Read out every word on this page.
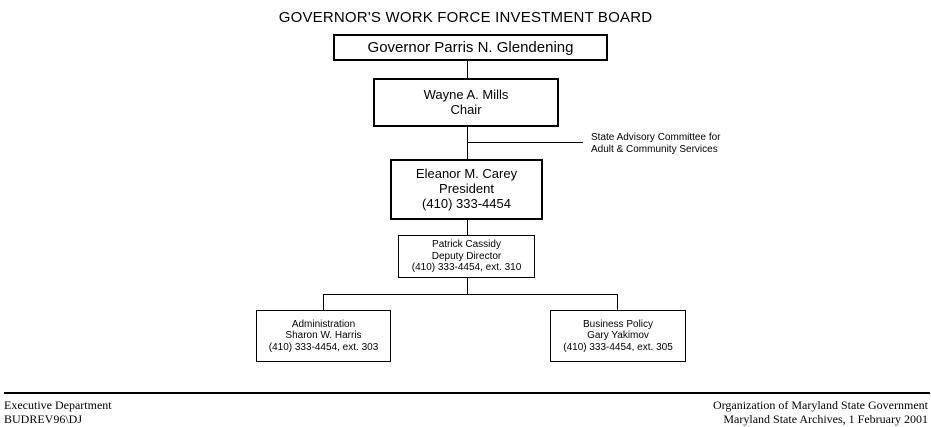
GOVERNOR'S WORK FORCE INVESTMENT BOARD
Governor Parris N. Glendening
Wayne A. Mills
Chair
State Advisory Committee for
Adult & Community Services
Eleanor M. Carey
President
(410) 333-4454
Patrick Cassidy
Deputy Director
(410) 333-4454, ext. 310
Administration
Sharon W. Harris
(410) 333-4454, ext. 303
Business Policy
Gary Yakimov
(410) 333-4454, ext. 305
Executive Department
BUDREV96\DJ
Organization of Maryland State Government
Maryland State Archives, 1 February 2001
